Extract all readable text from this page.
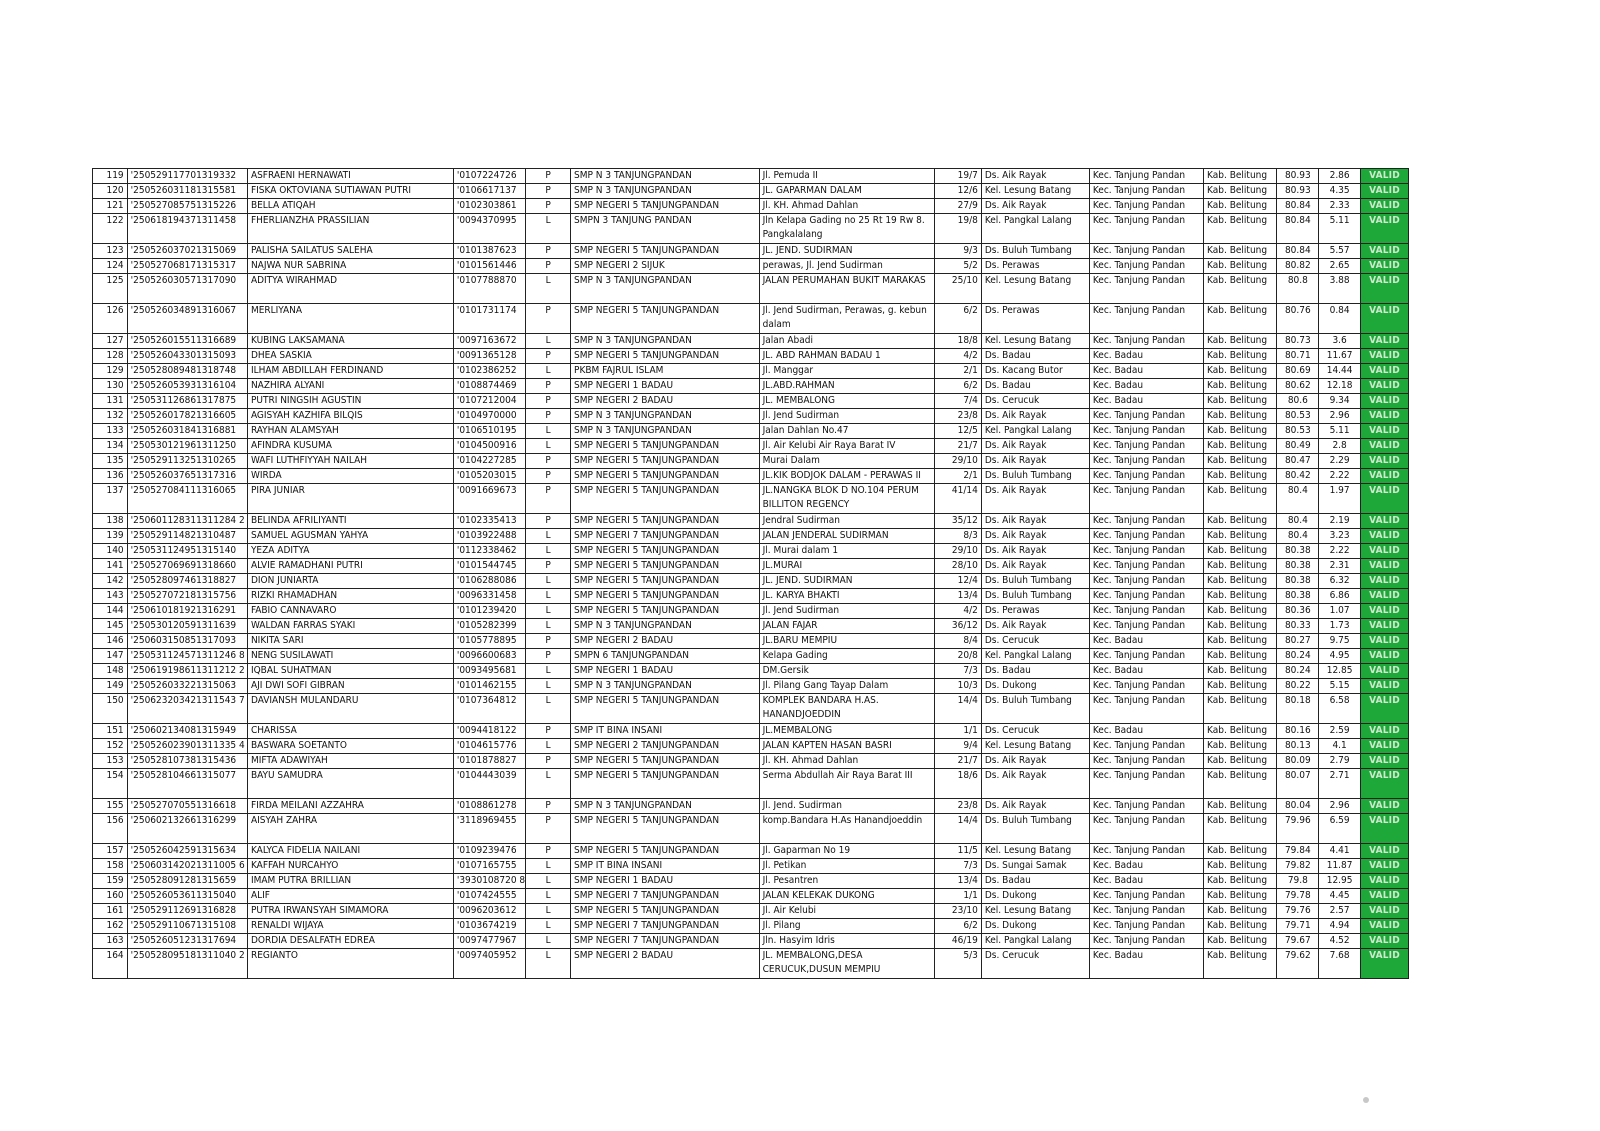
119	'250529117701319332	ASFRAENI HERNAWATI	'0107224726	P	SMP N 3 TANJUNGPANDAN	Jl. Pemuda II	19/7	Ds. Aik Rayak	Kec. Tanjung Pandan	Kab. Belitung	80.93	2.86	VALID
120	'250526031181315581	FISKA OKTOVIANA SUTIAWAN PUTRI	'0106617137	P	SMP N 3 TANJUNGPANDAN	JL. GAPARMAN DALAM	12/6	Kel. Lesung Batang	Kec. Tanjung Pandan	Kab. Belitung	80.93	4.35	VALID
121	'250527085751315226	BELLA ATIQAH	'0102303861	P	SMP NEGERI 5 TANJUNGPANDAN	Jl. KH. Ahmad Dahlan	27/9	Ds. Aik Rayak	Kec. Tanjung Pandan	Kab. Belitung	80.84	2.33	VALID
122	'250618194371311458	FHERLIANZHA PRASSILIAN	'0094370995	L	SMPN 3 TANJUNG PANDAN	Jln Kelapa Gading no 25 Rt 19 Rw 8. Pangkalalang	19/8	Kel. Pangkal Lalang	Kec. Tanjung Pandan	Kab. Belitung	80.84	5.11	VALID
123	'250526037021315069	PALISHA SAILATUS SALEHA	'0101387623	P	SMP NEGERI 5 TANJUNGPANDAN	JL. JEND. SUDIRMAN	9/3	Ds. Buluh Tumbang	Kec. Tanjung Pandan	Kab. Belitung	80.84	5.57	VALID
124	'250527068171315317	NAJWA NUR SABRINA	'0101561446	P	SMP NEGERI 2 SIJUK	perawas, Jl. Jend Sudirman	5/2	Ds. Perawas	Kec. Tanjung Pandan	Kab. Belitung	80.82	2.65	VALID
125	'250526030571317090	ADITYA WIRAHMAD	'0107788870	L	SMP N 3 TANJUNGPANDAN	JALAN PERUMAHAN BUKIT MARAKAS	25/10	Kel. Lesung Batang	Kec. Tanjung Pandan	Kab. Belitung	80.8	3.88	VALID
126	'250526034891316067	MERLIYANA	'0101731174	P	SMP NEGERI 5 TANJUNGPANDAN	Jl. Jend Sudirman, Perawas, g. kebun dalam	6/2	Ds. Perawas	Kec. Tanjung Pandan	Kab. Belitung	80.76	0.84	VALID
127	'250526015511316689	KUBING LAKSAMANA	'0097163672	L	SMP N 3 TANJUNGPANDAN	Jalan Abadi	18/8	Kel. Lesung Batang	Kec. Tanjung Pandan	Kab. Belitung	80.73	3.6	VALID
128	'250526043301315093	DHEA SASKIA	'0091365128	P	SMP NEGERI 5 TANJUNGPANDAN	JL. ABD RAHMAN BADAU 1	4/2	Ds. Badau	Kec. Badau	Kab. Belitung	80.71	11.67	VALID
129	'250528089481318748	ILHAM ABDILLAH FERDINAND	'0102386252	L	PKBM FAJRUL ISLAM	Jl. Manggar	2/1	Ds. Kacang Butor	Kec. Badau	Kab. Belitung	80.69	14.44	VALID
130	'250526053931316104	NAZHIRA ALYANI	'0108874469	P	SMP NEGERI 1 BADAU	JL.ABD.RAHMAN	6/2	Ds. Badau	Kec. Badau	Kab. Belitung	80.62	12.18	VALID
131	'250531126861317875	PUTRI NINGSIH AGUSTIN	'0107212004	P	SMP NEGERI 2 BADAU	JL. MEMBALONG	7/4	Ds. Cerucuk	Kec. Badau	Kab. Belitung	80.6	9.34	VALID
132	'250526017821316605	AGISYAH KAZHIFA BILQIS	'0104970000	P	SMP N 3 TANJUNGPANDAN	Jl. Jend Sudirman	23/8	Ds. Aik Rayak	Kec. Tanjung Pandan	Kab. Belitung	80.53	2.96	VALID
133	'250526031841316881	RAYHAN ALAMSYAH	'0106510195	L	SMP N 3 TANJUNGPANDAN	Jalan Dahlan No.47	12/5	Kel. Pangkal Lalang	Kec. Tanjung Pandan	Kab. Belitung	80.53	5.11	VALID
134	'250530121961311250	AFINDRA KUSUMA	'0104500916	L	SMP NEGERI 5 TANJUNGPANDAN	Jl. Air Kelubi Air Raya Barat IV	21/7	Ds. Aik Rayak	Kec. Tanjung Pandan	Kab. Belitung	80.49	2.8	VALID
135	'250529113251310265	WAFI LUTHFIYYAH NAILAH	'0104227285	P	SMP NEGERI 5 TANJUNGPANDAN	Murai Dalam	29/10	Ds. Aik Rayak	Kec. Tanjung Pandan	Kab. Belitung	80.47	2.29	VALID
136	'250526037651317316	WIRDA	'0105203015	P	SMP NEGERI 5 TANJUNGPANDAN	JL.KIK BODJOK DALAM - PERAWAS II	2/1	Ds. Buluh Tumbang	Kec. Tanjung Pandan	Kab. Belitung	80.42	2.22	VALID
137	'250527084111316065	PIRA JUNIAR	'0091669673	P	SMP NEGERI 5 TANJUNGPANDAN	JL.NANGKA BLOK D NO.104 PERUM BILLITON REGENCY	41/14	Ds. Aik Rayak	Kec. Tanjung Pandan	Kab. Belitung	80.4	1.97	VALID
138	'250601128311311284 2	BELINDA AFRILIYANTI	'0102335413	P	SMP NEGERI 5 TANJUNGPANDAN	Jendral Sudirman	35/12	Ds. Aik Rayak	Kec. Tanjung Pandan	Kab. Belitung	80.4	2.19	VALID
139	'250529114821310487	SAMUEL AGUSMAN YAHYA	'0103922488	L	SMP NEGERI 7 TANJUNGPANDAN	JALAN JENDERAL SUDIRMAN	8/3	Ds. Aik Rayak	Kec. Tanjung Pandan	Kab. Belitung	80.4	3.23	VALID
140	'250531124951315140	YEZA ADITYA	'0112338462	L	SMP NEGERI 5 TANJUNGPANDAN	Jl. Murai dalam 1	29/10	Ds. Aik Rayak	Kec. Tanjung Pandan	Kab. Belitung	80.38	2.22	VALID
141	'250527069691318660	ALVIE RAMADHANI PUTRI	'0101544745	P	SMP NEGERI 5 TANJUNGPANDAN	JL.MURAI	28/10	Ds. Aik Rayak	Kec. Tanjung Pandan	Kab. Belitung	80.38	2.31	VALID
142	'250528097461318827	DION JUNIARTA	'0106288086	L	SMP NEGERI 5 TANJUNGPANDAN	JL. JEND. SUDIRMAN	12/4	Ds. Buluh Tumbang	Kec. Tanjung Pandan	Kab. Belitung	80.38	6.32	VALID
143	'250527072181315756	RIZKI RHAMADHAN	'0096331458	L	SMP NEGERI 5 TANJUNGPANDAN	JL. KARYA BHAKTI	13/4	Ds. Buluh Tumbang	Kec. Tanjung Pandan	Kab. Belitung	80.38	6.86	VALID
144	'250610181921316291	FABIO CANNAVARO	'0101239420	L	SMP NEGERI 5 TANJUNGPANDAN	Jl. Jend Sudirman	4/2	Ds. Perawas	Kec. Tanjung Pandan	Kab. Belitung	80.36	1.07	VALID
145	'250530120591311639	WALDAN FARRAS SYAKI	'0105282399	L	SMP N 3 TANJUNGPANDAN	JALAN FAJAR	36/12	Ds. Aik Rayak	Kec. Tanjung Pandan	Kab. Belitung	80.33	1.73	VALID
146	'250603150851317093	NIKITA SARI	'0105778895	P	SMP NEGERI 2 BADAU	JL.BARU MEMPIU	8/4	Ds. Cerucuk	Kec. Badau	Kab. Belitung	80.27	9.75	VALID
147	'250531124571311246 8	NENG SUSILAWATI	'0096600683	P	SMPN 6 TANJUNGPANDAN	Kelapa Gading	20/8	Kel. Pangkal Lalang	Kec. Tanjung Pandan	Kab. Belitung	80.24	4.95	VALID
148	'250619198611311212 2	IQBAL SUHATMAN	'0093495681	L	SMP NEGERI 1 BADAU	DM.Gersik	7/3	Ds. Badau	Kec. Badau	Kab. Belitung	80.24	12.85	VALID
149	'250526033221315063	AJI DWI SOFI GIBRAN	'0101462155	L	SMP N 3 TANJUNGPANDAN	Jl. Pilang Gang Tayap Dalam	10/3	Ds. Dukong	Kec. Tanjung Pandan	Kab. Belitung	80.22	5.15	VALID
150	'250623203421311543 7	DAVIANSH MULANDARU	'0107364812	L	SMP NEGERI 5 TANJUNGPANDAN	KOMPLEK BANDARA H.AS. HANANDJOEDDIN	14/4	Ds. Buluh Tumbang	Kec. Tanjung Pandan	Kab. Belitung	80.18	6.58	VALID
151	'250602134081315949	CHARISSA	'0094418122	P	SMP IT BINA INSANI	JL.MEMBALONG	1/1	Ds. Cerucuk	Kec. Badau	Kab. Belitung	80.16	2.59	VALID
152	'250526023901311335 4	BASWARA SOETANTO	'0104615776	L	SMP NEGERI 2 TANJUNGPANDAN	JALAN KAPTEN HASAN BASRI	9/4	Kel. Lesung Batang	Kec. Tanjung Pandan	Kab. Belitung	80.13	4.1	VALID
153	'250528107381315436	MIFTA ADAWIYAH	'0101878827	P	SMP NEGERI 5 TANJUNGPANDAN	Jl. KH. Ahmad Dahlan	21/7	Ds. Aik Rayak	Kec. Tanjung Pandan	Kab. Belitung	80.09	2.79	VALID
154	'250528104661315077	BAYU SAMUDRA	'0104443039	L	SMP NEGERI 5 TANJUNGPANDAN	Serma Abdullah Air Raya Barat III	18/6	Ds. Aik Rayak	Kec. Tanjung Pandan	Kab. Belitung	80.07	2.71	VALID
155	'250527070551316618	FIRDA MEILANI AZZAHRA	'0108861278	P	SMP N 3 TANJUNGPANDAN	Jl. Jend. Sudirman	23/8	Ds. Aik Rayak	Kec. Tanjung Pandan	Kab. Belitung	80.04	2.96	VALID
156	'250602132661316299	AISYAH ZAHRA	'3118969455	P	SMP NEGERI 5 TANJUNGPANDAN	komp.Bandara H.As Hanandjoeddin	14/4	Ds. Buluh Tumbang	Kec. Tanjung Pandan	Kab. Belitung	79.96	6.59	VALID
157	'250526042591315634	KALYCA FIDELIA NAILANI	'0109239476	P	SMP NEGERI 5 TANJUNGPANDAN	Jl. Gaparman No 19	11/5	Kel. Lesung Batang	Kec. Tanjung Pandan	Kab. Belitung	79.84	4.41	VALID
158	'250603142021311005 6	KAFFAH NURCAHYO	'0107165755	L	SMP IT BINA INSANI	Jl. Petikan	7/3	Ds. Sungai Samak	Kec. Badau	Kab. Belitung	79.82	11.87	VALID
159	'250528091281315659	IMAM PUTRA BRILLIAN	'3930108720 8	L	SMP NEGERI 1 BADAU	Jl. Pesantren	13/4	Ds. Badau	Kec. Badau	Kab. Belitung	79.8	12.95	VALID
160	'250526053611315040	ALIF	'0107424555	L	SMP NEGERI 7 TANJUNGPANDAN	JALAN KELEKAK DUKONG	1/1	Ds. Dukong	Kec. Tanjung Pandan	Kab. Belitung	79.78	4.45	VALID
161	'250529112691316828	PUTRA IRWANSYAH SIMAMORA	'0096203612	L	SMP NEGERI 5 TANJUNGPANDAN	Jl. Air Kelubi	23/10	Kel. Lesung Batang	Kec. Tanjung Pandan	Kab. Belitung	79.76	2.57	VALID
162	'250529110671315108	RENALDI WIJAYA	'0103674219	L	SMP NEGERI 7 TANJUNGPANDAN	Jl. Pilang	6/2	Ds. Dukong	Kec. Tanjung Pandan	Kab. Belitung	79.71	4.94	VALID
163	'250526051231317694	DORDIA DESALFATH EDREA	'0097477967	L	SMP NEGERI 7 TANJUNGPANDAN	Jln. Hasyim Idris	46/19	Kel. Pangkal Lalang	Kec. Tanjung Pandan	Kab. Belitung	79.67	4.52	VALID
164	'250528095181311040 2	REGIANTO	'0097405952	L	SMP NEGERI 2 BADAU	JL. MEMBALONG,DESA CERUCUK,DUSUN MEMPIU	5/3	Ds. Cerucuk	Kec. Badau	Kab. Belitung	79.62	7.68	VALID
